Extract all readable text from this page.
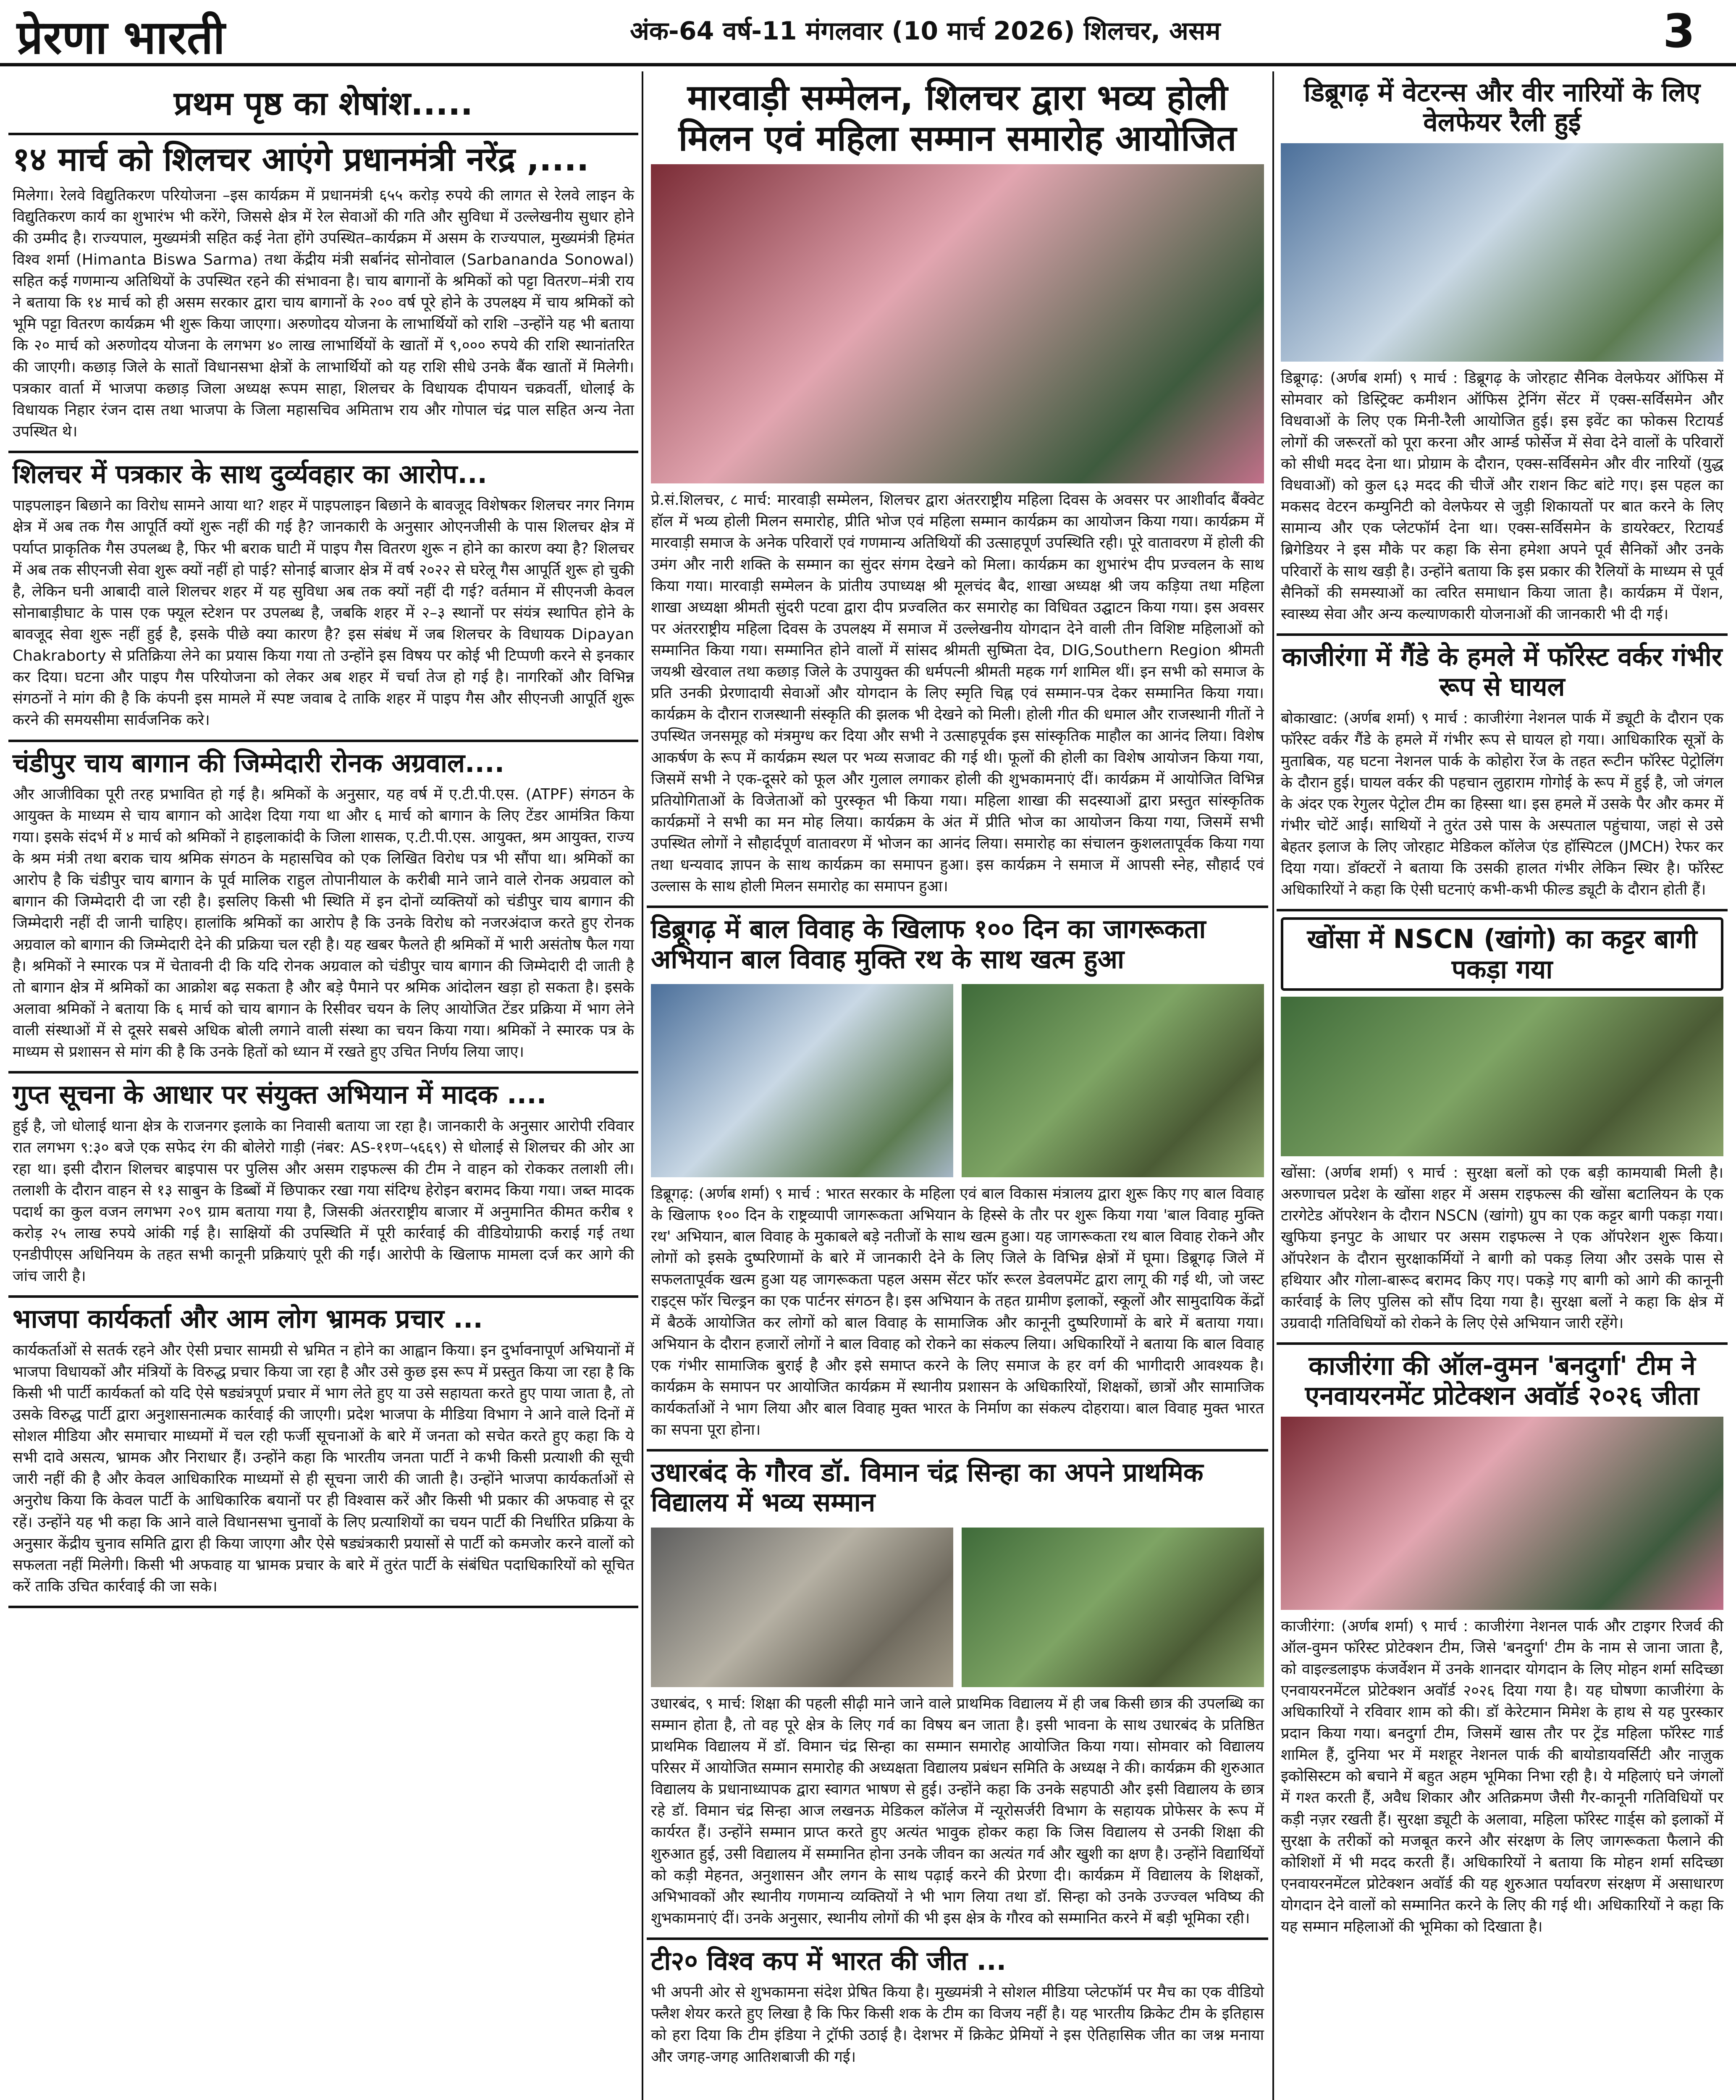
प्रेरणा भारती	अंक-64 वर्ष-11 मंगलवार (10 मार्च 2026) शिलचर, असम	3
प्रथम पृष्ठ का शेषांश.....
१४ मार्च को शिलचर आएंगे प्रधानमंत्री नरेंद्र ,....

मिलेगा। रेलवे विद्युतिकरण परियोजना –इस कार्यक्रम में प्रधानमंत्री ६५५ करोड़ रुपये की लागत से रेलवे लाइन के विद्युतिकरण कार्य का शुभारंभ भी करेंगे, जिससे क्षेत्र में रेल सेवाओं की गति और सुविधा में उल्लेखनीय सुधार होने की उम्मीद है। राज्यपाल, मुख्यमंत्री सहित कई नेता होंगे उपस्थित–कार्यक्रम में असम के राज्यपाल, मुख्यमंत्री हिमंत विश्व शर्मा (Himanta Biswa Sarma) तथा केंद्रीय मंत्री सर्बानंद सोनोवाल (Sarbananda Sonowal) सहित कई गणमान्य अतिथियों के उपस्थित रहने की संभावना है। चाय बागानों के श्रमिकों को पट्टा वितरण–मंत्री राय ने बताया कि १४ मार्च को ही असम सरकार द्वारा चाय बागानों के २०० वर्ष पूरे होने के उपलक्ष्य में चाय श्रमिकों को भूमि पट्टा वितरण कार्यक्रम भी शुरू किया जाएगा। अरुणोदय योजना के लाभार्थियों को राशि –उन्होंने यह भी बताया कि २० मार्च को अरुणोदय योजना के लगभग ४० लाख लाभार्थियों के खातों में ९,००० रुपये की राशि स्थानांतरित की जाएगी। कछाड़ जिले के सातों विधानसभा क्षेत्रों के लाभार्थियों को यह राशि सीधे उनके बैंक खातों में मिलेगी। पत्रकार वार्ता में भाजपा कछाड़ जिला अध्यक्ष रूपम साहा, शिलचर के विधायक दीपायन चक्रवर्ती, धोलाई के विधायक निहार रंजन दास तथा भाजपा के जिला महासचिव अमिताभ राय और गोपाल चंद्र पाल सहित अन्य नेता उपस्थित थे।

शिलचर में पत्रकार के साथ दुर्व्यवहार का आरोप...

पाइपलाइन बिछाने का विरोध सामने आया था? शहर में पाइपलाइन बिछाने के बावजूद विशेषकर शिलचर नगर निगम क्षेत्र में अब तक गैस आपूर्ति क्यों शुरू नहीं की गई है? जानकारी के अनुसार ओएनजीसी के पास शिलचर क्षेत्र में पर्याप्त प्राकृतिक गैस उपलब्ध है, फिर भी बराक घाटी में पाइप गैस वितरण शुरू न होने का कारण क्या है? शिलचर में अब तक सीएनजी सेवा शुरू क्यों नहीं हो पाई? सोनाई बाजार क्षेत्र में वर्ष २०२२ से घरेलू गैस आपूर्ति शुरू हो चुकी है, लेकिन घनी आबादी वाले शिलचर शहर में यह सुविधा अब तक क्यों नहीं दी गई? वर्तमान में सीएनजी केवल सोनाबाड़ीघाट के पास एक फ्यूल स्टेशन पर उपलब्ध है, जबकि शहर में २–३ स्थानों पर संयंत्र स्थापित होने के बावजूद सेवा शुरू नहीं हुई है, इसके पीछे क्या कारण है? इस संबंध में जब शिलचर के विधायक Dipayan Chakraborty से प्रतिक्रिया लेने का प्रयास किया गया तो उन्होंने इस विषय पर कोई भी टिप्पणी करने से इनकार कर दिया। घटना और पाइप गैस परियोजना को लेकर अब शहर में चर्चा तेज हो गई है। नागरिकों और विभिन्न संगठनों ने मांग की है कि कंपनी इस मामले में स्पष्ट जवाब दे ताकि शहर में पाइप गैस और सीएनजी आपूर्ति शुरू करने की समयसीमा सार्वजनिक करे।

चंडीपुर चाय बागान की जिम्मेदारी रोनक अग्रवाल....

और आजीविका पूरी तरह प्रभावित हो गई है। श्रमिकों के अनुसार, यह वर्ष में ए.टी.पी.एस. (ATPF) संगठन के आयुक्त के माध्यम से चाय बागान को आदेश दिया गया था और ६ मार्च को बागान के लिए टेंडर आमंत्रित किया गया। इसके संदर्भ में ४ मार्च को श्रमिकों ने हाइलाकांदी के जिला शासक, ए.टी.पी.एस. आयुक्त, श्रम आयुक्त, राज्य के श्रम मंत्री तथा बराक चाय श्रमिक संगठन के महासचिव को एक लिखित विरोध पत्र भी सौंपा था। श्रमिकों का आरोप है कि चंडीपुर चाय बागान के पूर्व मालिक राहुल तोपानीयाल के करीबी माने जाने वाले रोनक अग्रवाल को बागान की जिम्मेदारी दी जा रही है। इसलिए किसी भी स्थिति में इन दोनों व्यक्तियों को चंडीपुर चाय बागान की जिम्मेदारी नहीं दी जानी चाहिए। हालांकि श्रमिकों का आरोप है कि उनके विरोध को नजरअंदाज करते हुए रोनक अग्रवाल को बागान की जिम्मेदारी देने की प्रक्रिया चल रही है। यह खबर फैलते ही श्रमिकों में भारी असंतोष फैल गया है। श्रमिकों ने स्मारक पत्र में चेतावनी दी कि यदि रोनक अग्रवाल को चंडीपुर चाय बागान की जिम्मेदारी दी जाती है तो बागान क्षेत्र में श्रमिकों का आक्रोश बढ़ सकता है और बड़े पैमाने पर श्रमिक आंदोलन खड़ा हो सकता है। इसके अलावा श्रमिकों ने बताया कि ६ मार्च को चाय बागान के रिसीवर चयन के लिए आयोजित टेंडर प्रक्रिया में भाग लेने वाली संस्थाओं में से दूसरे सबसे अधिक बोली लगाने वाली संस्था का चयन किया गया। श्रमिकों ने स्मारक पत्र के माध्यम से प्रशासन से मांग की है कि उनके हितों को ध्यान में रखते हुए उचित निर्णय लिया जाए।

गुप्त सूचना के आधार पर संयुक्त अभियान में मादक ....

हुई है, जो धोलाई थाना क्षेत्र के राजनगर इलाके का निवासी बताया जा रहा है। जानकारी के अनुसार आरोपी रविवार रात लगभग ९:३० बजे एक सफेद रंग की बोलेरो गाड़ी (नंबर: AS-११ण–५६६९) से धोलाई से शिलचर की ओर आ रहा था। इसी दौरान शिलचर बाइपास पर पुलिस और असम राइफल्स की टीम ने वाहन को रोककर तलाशी ली। तलाशी के दौरान वाहन से १३ साबुन के डिब्बों में छिपाकर रखा गया संदिग्ध हेरोइन बरामद किया गया। जब्त मादक पदार्थ का कुल वजन लगभग २०९ ग्राम बताया गया है, जिसकी अंतरराष्ट्रीय बाजार में अनुमानित कीमत करीब १ करोड़ २५ लाख रुपये आंकी गई है। साक्षियों की उपस्थिति में पूरी कार्रवाई की वीडियोग्राफी कराई गई तथा एनडीपीएस अधिनियम के तहत सभी कानूनी प्रक्रियाएं पूरी की गईं। आरोपी के खिलाफ मामला दर्ज कर आगे की जांच जारी है।

भाजपा कार्यकर्ता और आम लोग भ्रामक प्रचार ...

कार्यकर्ताओं से सतर्क रहने और ऐसी प्रचार सामग्री से भ्रमित न होने का आह्वान किया। इन दुर्भावनापूर्ण अभियानों में भाजपा विधायकों और मंत्रियों के विरुद्ध प्रचार किया जा रहा है और उसे कुछ इस रूप में प्रस्तुत किया जा रहा है कि किसी भी पार्टी कार्यकर्ता को यदि ऐसे षड्यंत्रपूर्ण प्रचार में भाग लेते हुए या उसे सहायता करते हुए पाया जाता है, तो उसके विरुद्ध पार्टी द्वारा अनुशासनात्मक कार्रवाई की जाएगी। प्रदेश भाजपा के मीडिया विभाग ने आने वाले दिनों में सोशल मीडिया और समाचार माध्यमों में चल रही फर्जी सूचनाओं के बारे में जनता को सचेत करते हुए कहा कि ये सभी दावे असत्य, भ्रामक और निराधार हैं। उन्होंने कहा कि भारतीय जनता पार्टी ने कभी किसी प्रत्याशी की सूची जारी नहीं की है और केवल आधिकारिक माध्यमों से ही सूचना जारी की जाती है। उन्होंने भाजपा कार्यकर्ताओं से अनुरोध किया कि केवल पार्टी के आधिकारिक बयानों पर ही विश्वास करें और किसी भी प्रकार की अफवाह से दूर रहें। उन्होंने यह भी कहा कि आने वाले विधानसभा चुनावों के लिए प्रत्याशियों का चयन पार्टी की निर्धारित प्रक्रिया के अनुसार केंद्रीय चुनाव समिति द्वारा ही किया जाएगा और ऐसे षड्यंत्रकारी प्रयासों से पार्टी को कमजोर करने वालों को सफलता नहीं मिलेगी। किसी भी अफवाह या भ्रामक प्रचार के बारे में तुरंत पार्टी के संबंधित पदाधिकारियों को सूचित करें ताकि उचित कार्रवाई की जा सके।

मारवाड़ी सम्मेलन, शिलचर द्वारा भव्य होली मिलन एवं महिला सम्मान समारोह आयोजित

प्रे.सं.शिलचर, ८ मार्च: मारवाड़ी सम्मेलन, शिलचर द्वारा अंतरराष्ट्रीय महिला दिवस के अवसर पर आशीर्वाद बैंक्वेट हॉल में भव्य होली मिलन समारोह, प्रीति भोज एवं महिला सम्मान कार्यक्रम का आयोजन किया गया। कार्यक्रम में मारवाड़ी समाज के अनेक परिवारों एवं गणमान्य अतिथियों की उत्साहपूर्ण उपस्थिति रही। पूरे वातावरण में होली की उमंग और नारी शक्ति के सम्मान का सुंदर संगम देखने को मिला। कार्यक्रम का शुभारंभ दीप प्रज्वलन के साथ किया गया। मारवाड़ी सम्मेलन के प्रांतीय उपाध्यक्ष श्री मूलचंद बैद, शाखा अध्यक्ष श्री जय कड़िया तथा महिला शाखा अध्यक्षा श्रीमती सुंदरी पटवा द्वारा दीप प्रज्वलित कर समारोह का विधिवत उद्घाटन किया गया। इस अवसर पर अंतरराष्ट्रीय महिला दिवस के उपलक्ष्य में समाज में उल्लेखनीय योगदान देने वाली तीन विशिष्ट महिलाओं को सम्मानित किया गया। सम्मानित होने वालों में सांसद श्रीमती सुष्मिता देव, DIG,Southern Region श्रीमती जयश्री खेरवाल तथा कछाड़ जिले के उपायुक्त की धर्मपत्नी श्रीमती महक गर्ग शामिल थीं। इन सभी को समाज के प्रति उनकी प्रेरणादायी सेवाओं और योगदान के लिए स्मृति चिह्न एवं सम्मान-पत्र देकर सम्मानित किया गया। कार्यक्रम के दौरान राजस्थानी संस्कृति की झलक भी देखने को मिली। होली गीत की धमाल और राजस्थानी गीतों ने उपस्थित जनसमूह को मंत्रमुग्ध कर दिया और सभी ने उत्साहपूर्वक इस सांस्कृतिक माहौल का आनंद लिया। विशेष आकर्षण के रूप में कार्यक्रम स्थल पर भव्य सजावट की गई थी। फूलों की होली का विशेष आयोजन किया गया, जिसमें सभी ने एक-दूसरे को फूल और गुलाल लगाकर होली की शुभकामनाएं दीं। कार्यक्रम में आयोजित विभिन्न प्रतियोगिताओं के विजेताओं को पुरस्कृत भी किया गया। महिला शाखा की सदस्याओं द्वारा प्रस्तुत सांस्कृतिक कार्यक्रमों ने सभी का मन मोह लिया। कार्यक्रम के अंत में प्रीति भोज का आयोजन किया गया, जिसमें सभी उपस्थित लोगों ने सौहार्दपूर्ण वातावरण में भोजन का आनंद लिया। समारोह का संचालन कुशलतापूर्वक किया गया तथा धन्यवाद ज्ञापन के साथ कार्यक्रम का समापन हुआ। इस कार्यक्रम ने समाज में आपसी स्नेह, सौहार्द एवं उल्लास के साथ होली मिलन समारोह का समापन हुआ।

डिब्रूगढ़ में बाल विवाह के खिलाफ १०० दिन का जागरूकता अभियान बाल विवाह मुक्ति रथ के साथ खत्म हुआ

डिब्रूगढ़: (अर्णब शर्मा) ९ मार्च : भारत सरकार के महिला एवं बाल विकास मंत्रालय द्वारा शुरू किए गए बाल विवाह के खिलाफ १०० दिन के राष्ट्रव्यापी जागरूकता अभियान के हिस्से के तौर पर शुरू किया गया 'बाल विवाह मुक्ति रथ' अभियान, बाल विवाह के मुकाबले बड़े नतीजों के साथ खत्म हुआ। यह जागरूकता रथ बाल विवाह रोकने और लोगों को इसके दुष्परिणामों के बारे में जानकारी देने के लिए जिले के विभिन्न क्षेत्रों में घूमा। डिब्रूगढ़ जिले में सफलतापूर्वक खत्म हुआ यह जागरूकता पहल असम सेंटर फॉर रूरल डेवलपमेंट द्वारा लागू की गई थी, जो जस्ट राइट्स फॉर चिल्ड्रन का एक पार्टनर संगठन है। इस अभियान के तहत ग्रामीण इलाकों, स्कूलों और सामुदायिक केंद्रों में बैठकें आयोजित कर लोगों को बाल विवाह के सामाजिक और कानूनी दुष्परिणामों के बारे में बताया गया। अभियान के दौरान हजारों लोगों ने बाल विवाह को रोकने का संकल्प लिया। अधिकारियों ने बताया कि बाल विवाह एक गंभीर सामाजिक बुराई है और इसे समाप्त करने के लिए समाज के हर वर्ग की भागीदारी आवश्यक है। कार्यक्रम के समापन पर आयोजित कार्यक्रम में स्थानीय प्रशासन के अधिकारियों, शिक्षकों, छात्रों और सामाजिक कार्यकर्ताओं ने भाग लिया और बाल विवाह मुक्त भारत के निर्माण का संकल्प दोहराया। बाल विवाह मुक्त भारत का सपना पूरा होना।

उधारबंद के गौरव डॉ. विमान चंद्र सिन्हा का अपने प्राथमिक विद्यालय में भव्य सम्मान

उधारबंद, ९ मार्च: शिक्षा की पहली सीढ़ी माने जाने वाले प्राथमिक विद्यालय में ही जब किसी छात्र की उपलब्धि का सम्मान होता है, तो वह पूरे क्षेत्र के लिए गर्व का विषय बन जाता है। इसी भावना के साथ उधारबंद के प्रतिष्ठित प्राथमिक विद्यालय में डॉ. विमान चंद्र सिन्हा का सम्मान समारोह आयोजित किया गया। सोमवार को विद्यालय परिसर में आयोजित सम्मान समारोह की अध्यक्षता विद्यालय प्रबंधन समिति के अध्यक्ष ने की। कार्यक्रम की शुरुआत विद्यालय के प्रधानाध्यापक द्वारा स्वागत भाषण से हुई। उन्होंने कहा कि उनके सहपाठी और इसी विद्यालय के छात्र रहे डॉ. विमान चंद्र सिन्हा आज लखनऊ मेडिकल कॉलेज में न्यूरोसर्जरी विभाग के सहायक प्रोफेसर के रूप में कार्यरत हैं। उन्होंने सम्मान प्राप्त करते हुए अत्यंत भावुक होकर कहा कि जिस विद्यालय से उनकी शिक्षा की शुरुआत हुई, उसी विद्यालय में सम्मानित होना उनके जीवन का अत्यंत गर्व और खुशी का क्षण है। उन्होंने विद्यार्थियों को कड़ी मेहनत, अनुशासन और लगन के साथ पढ़ाई करने की प्रेरणा दी। कार्यक्रम में विद्यालय के शिक्षकों, अभिभावकों और स्थानीय गणमान्य व्यक्तियों ने भी भाग लिया तथा डॉ. सिन्हा को उनके उज्ज्वल भविष्य की शुभकामनाएं दीं। उनके अनुसार, स्थानीय लोगों की भी इस क्षेत्र के गौरव को सम्मानित करने में बड़ी भूमिका रही।

टी२० विश्व कप में भारत की जीत ...

भी अपनी ओर से शुभकामना संदेश प्रेषित किया है। मुख्यमंत्री ने सोशल मीडिया प्लेटफॉर्म पर मैच का एक वीडियो फ्लैश शेयर करते हुए लिखा है कि फिर किसी शक के टीम का विजय नहीं है। यह भारतीय क्रिकेट टीम के इतिहास को हरा दिया कि टीम इंडिया ने ट्रॉफी उठाई है। देशभर में क्रिकेट प्रेमियों ने इस ऐतिहासिक जीत का जश्न मनाया और जगह-जगह आतिशबाजी की गई।

डिब्रूगढ़ में वेटरन्स और वीर नारियों के लिए वेलफेयर रैली हुई

डिब्रूगढ़: (अर्णब शर्मा) ९ मार्च : डिब्रूगढ़ के जोरहाट सैनिक वेलफेयर ऑफिस में सोमवार को डिस्ट्रिक्ट कमीशन ऑफिस ट्रेनिंग सेंटर में एक्स-सर्विसमेन और विधवाओं के लिए एक मिनी-रैली आयोजित हुई। इस इवेंट का फोकस रिटायर्ड लोगों की जरूरतों को पूरा करना और आर्म्ड फोर्सेज में सेवा देने वालों के परिवारों को सीधी मदद देना था। प्रोग्राम के दौरान, एक्स-सर्विसमेन और वीर नारियों (युद्ध विधवाओं) को कुल ६३ मदद की चीजें और राशन किट बांटे गए। इस पहल का मकसद वेटरन कम्युनिटी को वेलफेयर से जुड़ी शिकायतों पर बात करने के लिए सामान्य और एक प्लेटफॉर्म देना था। एक्स-सर्विसमेन के डायरेक्टर, रिटायर्ड ब्रिगेडियर ने इस मौके पर कहा कि सेना हमेशा अपने पूर्व सैनिकों और उनके परिवारों के साथ खड़ी है। उन्होंने बताया कि इस प्रकार की रैलियों के माध्यम से पूर्व सैनिकों की समस्याओं का त्वरित समाधान किया जाता है। कार्यक्रम में पेंशन, स्वास्थ्य सेवा और अन्य कल्याणकारी योजनाओं की जानकारी भी दी गई।

काजीरंगा में गैंडे के हमले में फॉरेस्ट वर्कर गंभीर रूप से घायल

बोकाखाट: (अर्णब शर्मा) ९ मार्च : काजीरंगा नेशनल पार्क में ड्यूटी के दौरान एक फॉरेस्ट वर्कर गैंडे के हमले में गंभीर रूप से घायल हो गया। आधिकारिक सूत्रों के मुताबिक, यह घटना नेशनल पार्क के कोहोरा रेंज के तहत रूटीन फॉरेस्ट पेट्रोलिंग के दौरान हुई। घायल वर्कर की पहचान लुहाराम गोगोई के रूप में हुई है, जो जंगल के अंदर एक रेगुलर पेट्रोल टीम का हिस्सा था। इस हमले में उसके पैर और कमर में गंभीर चोटें आईं। साथियों ने तुरंत उसे पास के अस्पताल पहुंचाया, जहां से उसे बेहतर इलाज के लिए जोरहाट मेडिकल कॉलेज एंड हॉस्पिटल (JMCH) रेफर कर दिया गया। डॉक्टरों ने बताया कि उसकी हालत गंभीर लेकिन स्थिर है। फॉरेस्ट अधिकारियों ने कहा कि ऐसी घटनाएं कभी-कभी फील्ड ड्यूटी के दौरान होती हैं।

खोंसा में NSCN (खांगो) का कट्टर बागी पकड़ा गया

खोंसा: (अर्णब शर्मा) ९ मार्च : सुरक्षा बलों को एक बड़ी कामयाबी मिली है। अरुणाचल प्रदेश के खोंसा शहर में असम राइफल्स की खोंसा बटालियन के एक टारगेटेड ऑपरेशन के दौरान NSCN (खांगो) ग्रुप का एक कट्टर बागी पकड़ा गया। खुफिया इनपुट के आधार पर असम राइफल्स ने एक ऑपरेशन शुरू किया। ऑपरेशन के दौरान सुरक्षाकर्मियों ने बागी को पकड़ लिया और उसके पास से हथियार और गोला-बारूद बरामद किए गए। पकड़े गए बागी को आगे की कानूनी कार्रवाई के लिए पुलिस को सौंप दिया गया है। सुरक्षा बलों ने कहा कि क्षेत्र में उग्रवादी गतिविधियों को रोकने के लिए ऐसे अभियान जारी रहेंगे।

काजीरंगा की ऑल-वुमन 'बनदुर्गा' टीम ने एनवायरनमेंट प्रोटेक्शन अवॉर्ड २०२६ जीता

काजीरंगा: (अर्णब शर्मा) ९ मार्च : काजीरंगा नेशनल पार्क और टाइगर रिजर्व की ऑल-वुमन फॉरेस्ट प्रोटेक्शन टीम, जिसे 'बनदुर्गा' टीम के नाम से जाना जाता है, को वाइल्डलाइफ कंजर्वेशन में उनके शानदार योगदान के लिए मोहन शर्मा सदिच्छा एनवायरनमेंटल प्रोटेक्शन अवॉर्ड २०२६ दिया गया है। यह घोषणा काजीरंगा के अधिकारियों ने रविवार शाम को की। डॉ केरेटमान मिमेश के हाथ से यह पुरस्कार प्रदान किया गया। बनदुर्गा टीम, जिसमें खास तौर पर ट्रेंड महिला फॉरेस्ट गार्ड शामिल हैं, दुनिया भर में मशहूर नेशनल पार्क की बायोडायवर्सिटी और नाज़ुक इकोसिस्टम को बचाने में बहुत अहम भूमिका निभा रही है। ये महिलाएं घने जंगलों में गश्त करती हैं, अवैध शिकार और अतिक्रमण जैसी गैर-कानूनी गतिविधियों पर कड़ी नज़र रखती हैं। सुरक्षा ड्यूटी के अलावा, महिला फॉरेस्ट गार्ड्स को इलाकों में सुरक्षा के तरीकों को मजबूत करने और संरक्षण के लिए जागरूकता फैलाने की कोशिशों में भी मदद करती हैं। अधिकारियों ने बताया कि मोहन शर्मा सदिच्छा एनवायरनमेंटल प्रोटेक्शन अवॉर्ड की यह शुरुआत पर्यावरण संरक्षण में असाधारण योगदान देने वालों को सम्मानित करने के लिए की गई थी। अधिकारियों ने कहा कि यह सम्मान महिलाओं की भूमिका को दिखाता है।
